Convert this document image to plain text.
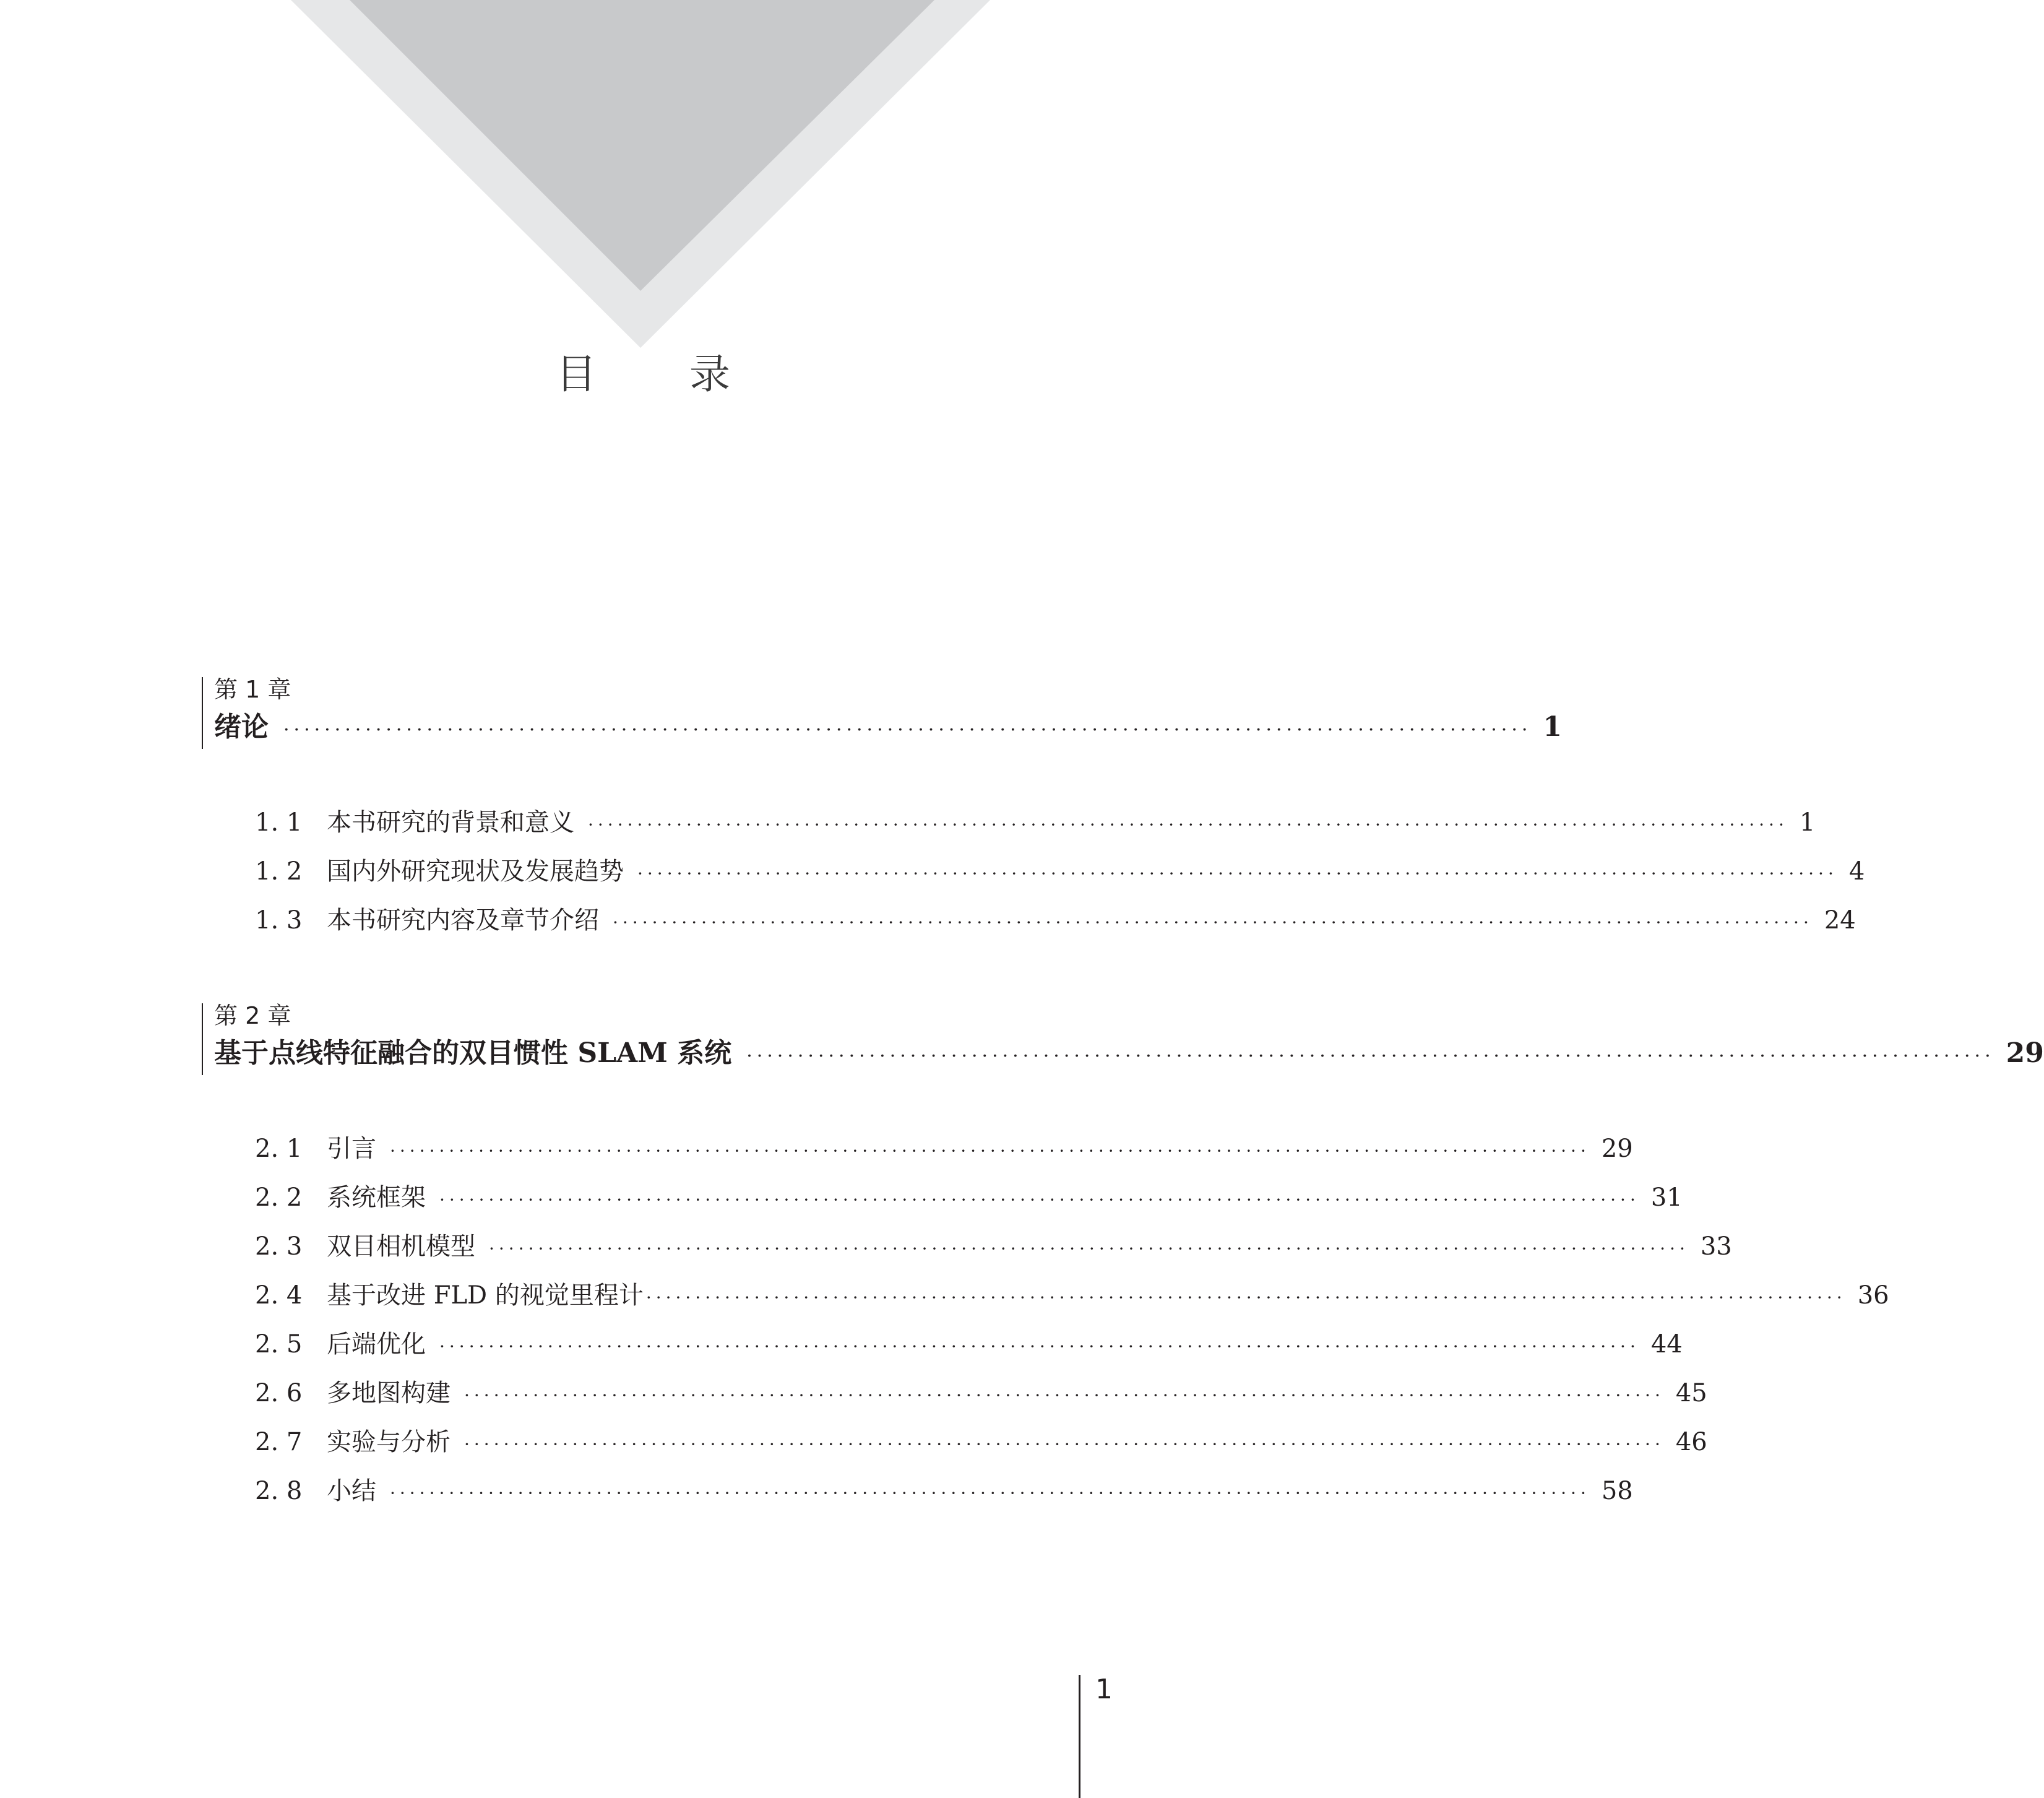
目录
第 1 章
绪论 ·························································································································· 1
1. 1 本书研究的背景和意义 ·························································································································· 1
1. 2 国内外研究现状及发展趋势 ·························································································································· 4
1. 3 本书研究内容及章节介绍 ·························································································································· 24
第 2 章
基于点线特征融合的双目惯性 SLAM 系统 ·························································································································· 29
2. 1 引言 ·························································································································· 29
2. 2 系统框架 ·························································································································· 31
2. 3 双目相机模型 ·························································································································· 33
2. 4 基于改进 FLD 的视觉里程计 ·························································································································· 36
2. 5 后端优化 ·························································································································· 44
2. 6 多地图构建 ·························································································································· 45
2. 7 实验与分析 ·························································································································· 46
2. 8 小结 ·························································································································· 58
1
